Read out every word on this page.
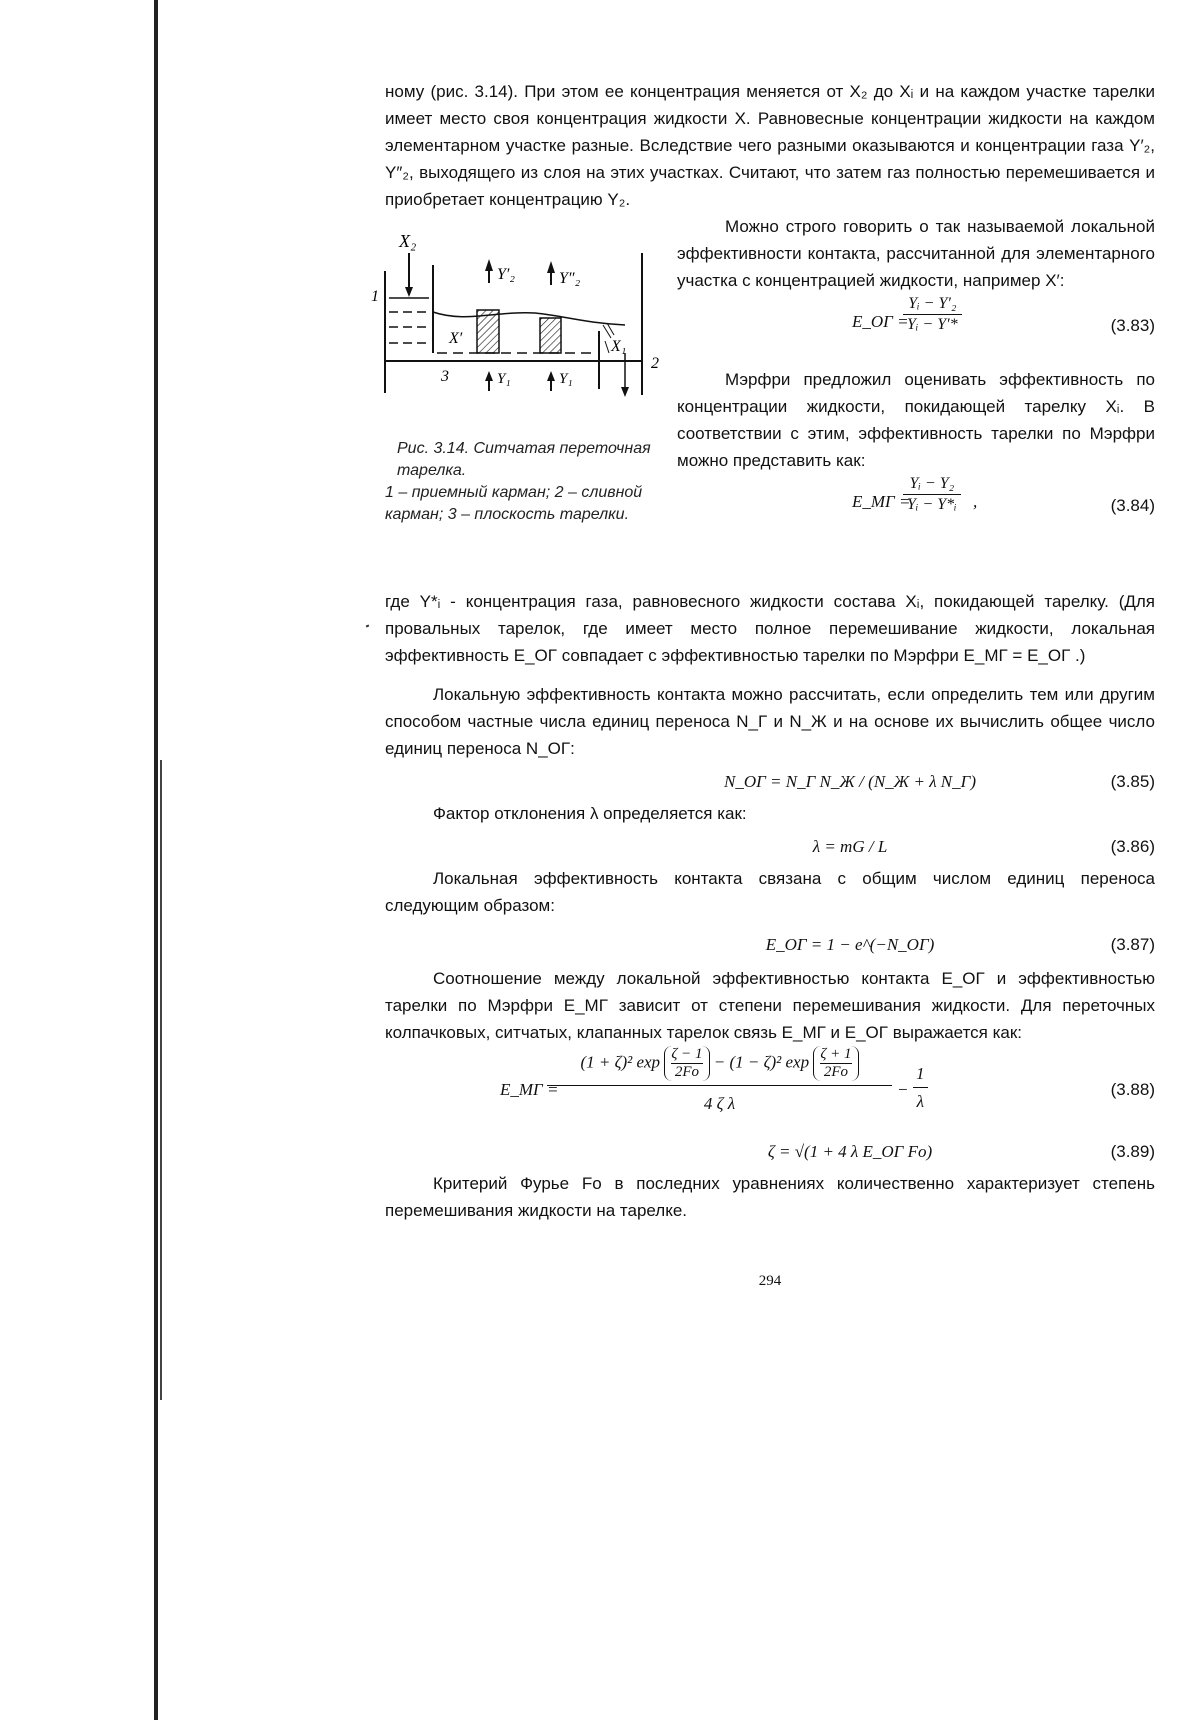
ному (рис. 3.14). При этом ее концентрация меняется от X₂ до Xᵢ и на каждом участке тарелки имеет место своя концентрация жидкости X. Равновесные концентрации жидкости на каждом элементарном участке разные. Вследствие чего разными оказываются и концентрации газа Y′₂, Y″₂, выходящего из слоя на этих участках. Считают, что затем газ полностью перемешивается и приобретает концентрацию Y₂.

X₂
Y′₂	Y″₂
X′	X₁
Y₁	Y₁
1
2
3
Рис. 3.14. Ситчатая переточная тарелка.
1 – приемный карман; 2 – сливной карман; 3 – плоскость тарелки.

Можно строго говорить о так называемой локальной эффективности контакта, рассчитанной для элементарного участка с концентрацией жидкости, например X′:

E_OГ =
$\frac{\text{Yᵢ − Y′₂}}{\text{Yᵢ − Y′*}}$	(3.83)

Мэрфри предложил оценивать эффективность по концентрации жидкости, покидающей тарелку Xᵢ. В соответствии с этим, эффективность тарелки по Мэрфри можно представить как:

E_MГ =
$\frac{\text{Yᵢ − Y₂}}{\text{Yᵢ − Y*ᵢ}}$ ,	(3.84)

где Y*ᵢ - концентрация газа, равновесного жидкости состава Xᵢ, покидающей тарелку. (Для провальных тарелок, где имеет место полное перемешивание жидкости, локальная эффективность E_OГ совпадает с эффективностью тарелки по Мэрфри E_MГ = E_OГ .)

Локальную эффективность контакта можно рассчитать, если определить тем или другим способом частные числа единиц переноса N_Г и N_Ж и на основе их вычислить общее число единиц переноса N_OГ:

N_OГ = N_Г N_Ж / (N_Ж + λ N_Г)	(3.85)

Фактор отклонения λ определяется как:

λ = mG / L	(3.86)

Локальная эффективность контакта связана с общим числом единиц переноса следующим образом:

E_OГ = 1 − e^(−N_OГ)	(3.87)

Соотношение между локальной эффективностью контакта E_OГ и эффективностью тарелки по Мэрфри E_MГ зависит от степени перемешивания жидкости. Для переточных колпачковых, ситчатых, клапанных тарелок связь E_MГ и E_OГ выражается как:

E_MГ =
(1 + ζ)² $\exp \frac{\zeta - 1}{2Fo} - (1 - \zeta)^2$ $\exp \frac{\zeta + 1}{2Fo}$
4 ζ λ
−
1
λ
(3.88)
ζ = √(1 + 4 λ E_OГ Fo)	(3.89)

Критерий Фурье Fo в последних уравнениях количественно характеризует степень перемешивания жидкости на тарелке.

294
